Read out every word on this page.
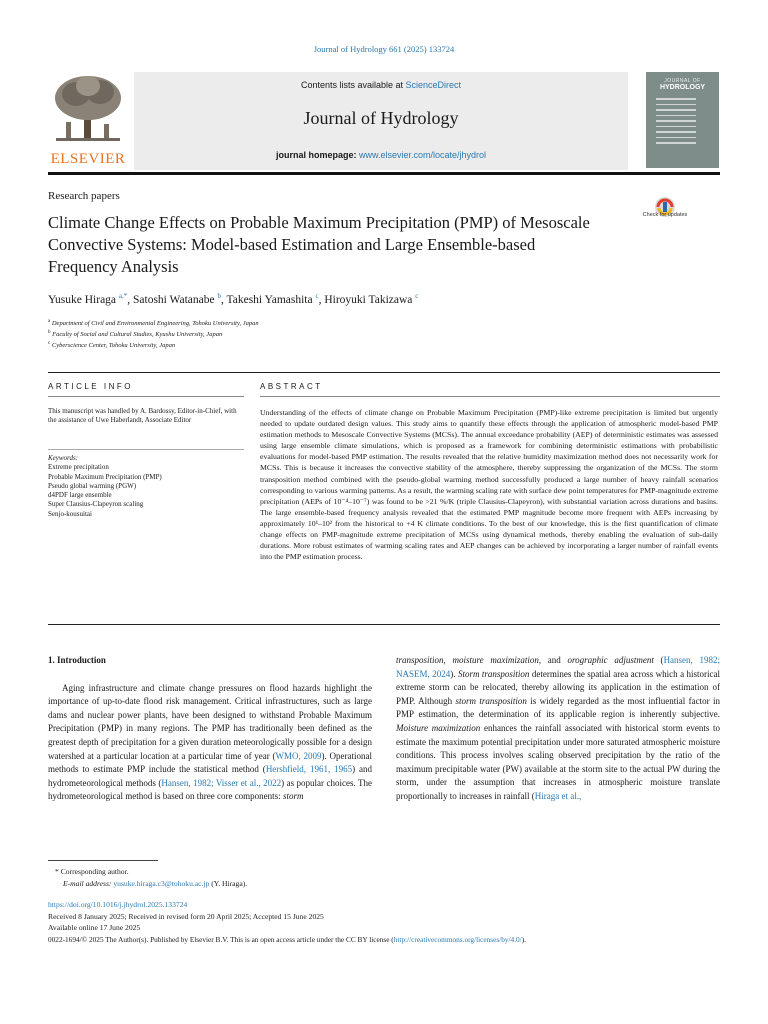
Journal of Hydrology 661 (2025) 133724
ELSEVIER
Contents lists available at ScienceDirect
Journal of Hydrology
journal homepage: www.elsevier.com/locate/jhydrol
JOURNAL OF
HYDROLOGY
Research papers
Climate Change Effects on Probable Maximum Precipitation (PMP) of Mesoscale Convective Systems: Model-based Estimation and Large Ensemble-based Frequency Analysis
Check for updates
Yusuke Hiraga $^{a,*}$, Satoshi Watanabe $^b$, Takeshi Yamashita $^c$, Hiroyuki Takizawa $^c$
$^a$ Department of Civil and Environmental Engineering, Tohoku University, Japan
$^b$ Faculty of Social and Cultural Studies, Kyushu University, Japan
$^c$ Cyberscience Center, Tohoku University, Japan
ARTICLE INFO	ABSTRACT
This manuscript was handled by A. Bardossy, Editor-in-Chief, with the assistance of Uwe Haberlandt, Associate Editor
Keywords:
Extreme precipitation
Probable Maximum Precipitation (PMP)
Pseudo global warming (PGW)
d4PDF large ensemble
Super Clausius-Clapeyron scaling
Senjo-kousuitai
Understanding of the effects of climate change on Probable Maximum Precipitation (PMP)-like extreme precipitation is limited but urgently needed to update outdated design values. This study aims to quantify these effects through the application of atmospheric model-based PMP estimation methods to Mesoscale Convective Systems (MCSs). The annual exceedance probability (AEP) of deterministic estimates was assessed using large ensemble climate simulations, which is proposed as a framework for combining deterministic estimations with probabilistic evaluations for model-based PMP estimation. The results revealed that the relative humidity maximization method does not necessarily work for MCSs. This is because it increases the convective stability of the atmosphere, thereby suppressing the organization of the MCSs. The storm transposition method combined with the pseudo-global warming method successfully produced a large number of heavy rainfall scenarios corresponding to various warming patterns. As a result, the warming scaling rate with surface dew point temperatures for PMP-magnitude extreme precipitation (AEPs of 10⁻⁴–10⁻⁷) was found to be >21 %/K (triple Clausius-Clapeyron), with substantial variation across durations and basins. The large ensemble-based frequency analysis revealed that the estimated PMP magnitude become more frequent with AEPs increasing by approximately 10¹–10² from the historical to +4 K climate conditions. To the best of our knowledge, this is the first quantification of climate change effects on PMP-magnitude extreme precipitation of MCSs using dynamical methods, thereby enabling the evaluation of sub-daily durations. More robust estimates of warming scaling rates and AEP changes can be achieved by incorporating a larger number of rainfall events into the PMP estimation process.
1. Introduction

Aging infrastructure and climate change pressures on flood hazards highlight the importance of up-to-date flood risk management. Critical infrastructures, such as large dams and nuclear power plants, have been designed to withstand Probable Maximum Precipitation (PMP) in many regions. The PMP has traditionally been defined as the greatest depth of precipitation for a given duration meteorologically possible for a design watershed at a particular location at a particular time of year (WMO, 2009). Operational methods to estimate PMP include the statistical method (Hershfield, 1961, 1965) and hydrometeorological methods (Hansen, 1982; Visser et al., 2022) as popular choices. The hydrometeorological method is based on three core components: storm

transposition, moisture maximization, and orographic adjustment (Hansen, 1982; NASEM, 2024). Storm transposition determines the spatial area across which a historical extreme storm can be relocated, thereby allowing its application in the estimation of PMP. Although storm transposition is widely regarded as the most influential factor in PMP estimation, the determination of its applicable region is inherently subjective. Moisture maximization enhances the rainfall associated with historical storm events to estimate the maximum potential precipitation under more saturated atmospheric moisture conditions. This process involves scaling observed precipitation by the ratio of the maximum precipitable water (PW) available at the storm site to the actual PW during the storm, under the assumption that increases in atmospheric moisture translate proportionally to increases in rainfall (Hiraga et al.,

* Corresponding author.
E-mail address: yusuke.hiraga.c3@tohoku.ac.jp (Y. Hiraga).
https://doi.org/10.1016/j.jhydrol.2025.133724
Received 8 January 2025; Received in revised form 20 April 2025; Accepted 15 June 2025
Available online 17 June 2025
0022-1694/© 2025 The Author(s). Published by Elsevier B.V. This is an open access article under the CC BY license (http://creativecommons.org/licenses/by/4.0/).
